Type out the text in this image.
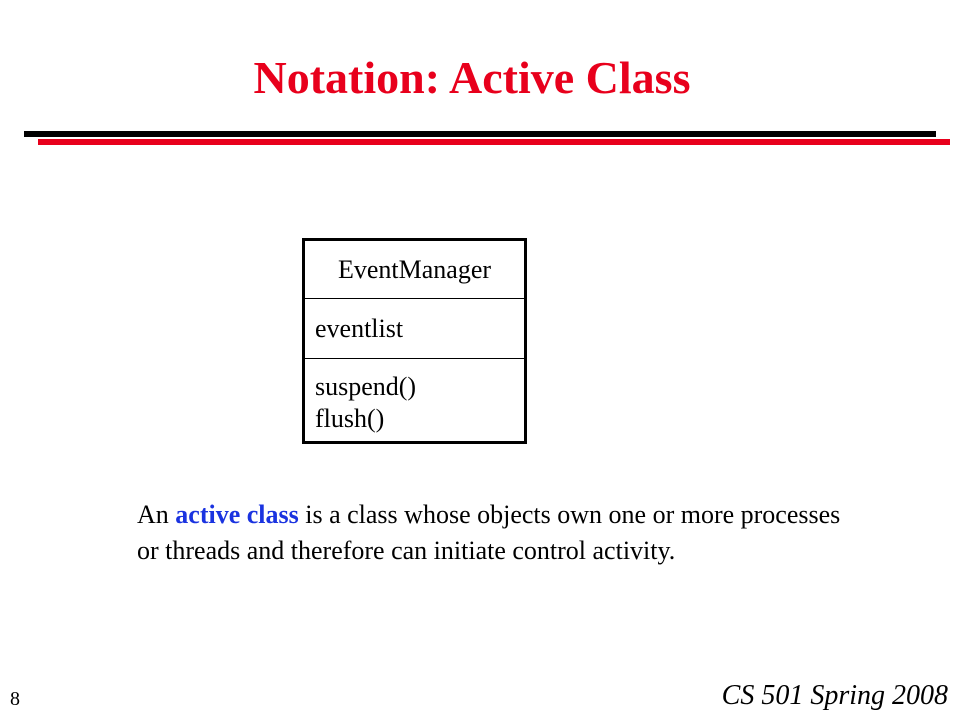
Notation: Active Class
EventManager
eventlist
suspend()
flush()
An active class is a class whose objects own one or more processes or threads and therefore can initiate control activity.
8	CS 501 Spring 2008
